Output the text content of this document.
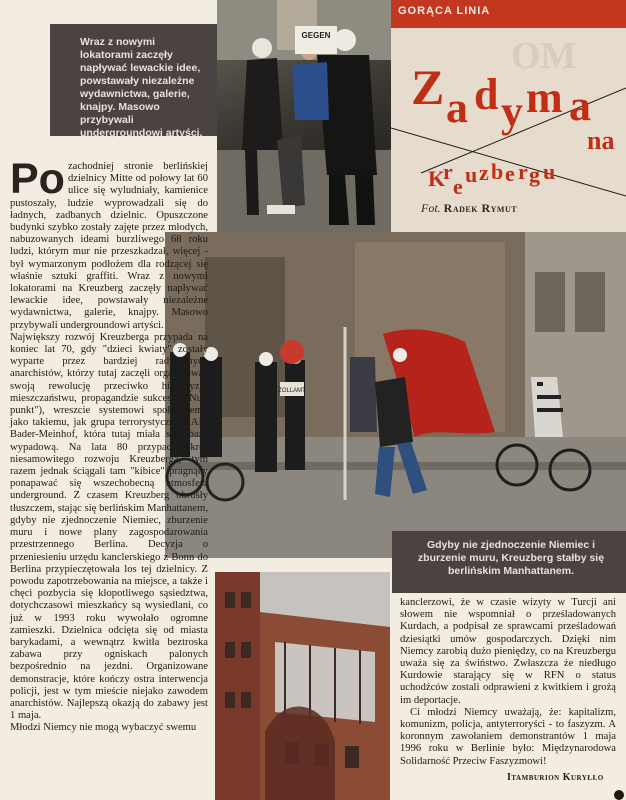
GORĄCA LINIA

Wraz z nowymi lokatorami zaczęły napływać lewackie idee, powstawały niezależne wydawnictwa, galerie, knajpy. Masowo przybywali undergroundowi artyści.

GEGEN	OM
Z a d y m a
na
K
r
e u z b e r g u
Fot. Radek Rymut
ZOLLAMT

Gdyby nie zjednoczenie Niemiec i zburzenie muru, Kreuzberg stałby się berlińskim Manhattanem.

Po zachodniej stronie berlińskiej dzielnicy Mitte od połowy lat 60 ulice się wyludniały, kamienice pustoszały, ludzie wyprowadzali się do ładnych, zadbanych dzielnic. Opuszczone budynki szybko zostały zajęte przez młodych, nabuzowanych ideami burzliwego 68 roku ludzi, którym mur nie przeszkadzał, więcej - był wymarzonym podłożem dla rodzącej się właśnie sztuki graffiti. Wraz z nowymi lokatorami na Kreuzberg zaczęły napływać lewackie idee, powstawały niezależne wydawnictwa, galerie, knajpy. Masowo przybywali undergroundowi artyści.

Największy rozwój Kreuzberga przypada na koniec lat 70, gdy "dzieci kwiaty" zostały wyparte przez bardziej radykalnych anarchistów, którzy tutaj zaczęli organizować swoją rewolucję przeciwko hipokryzji, mieszczaństwu, propagandzie sukcesu ("Null punkt"), wreszcie systemowi społecznemu jako takiemu, jak grupa terrorystyczna RAF-Bader-Meinhof, która tutaj miała swą bazę wypadową. Na lata 80 przypadł okres niesamowitego rozwoju Kreuzberga, tym razem jednak ściągali tam "kibice" pragnący ponapawać się wszechobecną atmosferą underground. Z czasem Kreuzberg obrośły tłuszczem, stając się berlińskim Manhattanem, gdyby nie zjednoczenie Niemiec, zburzenie muru i nowe plany zagospodarowania przestrzennego Berlina. Decyzja o przeniesieniu urzędu kanclerskiego z Bonn do Berlina przypieczętowała los tej dzielnicy. Z powodu zapotrzebowania na miejsce, a także i chęci pozbycia się kłopotliwego sąsiedztwa, dotychczasowi mieszkańcy są wysiedlani, co już w 1993 roku wywołało ogromne zamieszki. Dzielnica odcięta się od miasta barykadami, a wewnątrz kwitła beztroska zabawa przy ogniskach palonych bezpośrednio na jezdni. Organizowane demonstracje, które kończy ostra interwencja policji, jest w tym mieście niejako zawodem anarchistów. Najlepszą okazją do zabawy jest 1 maja.

Młodzi Niemcy nie mogą wybaczyć swemu

kanclerzowi, że w czasie wizyty w Turcji ani słowem nie wspomniał o prześladowanych Kurdach, a podpisał ze sprawcami prześladowań dziesiątki umów gospodarczych. Dzięki nim Niemcy zarobią dużo pieniędzy, co na Kreuzbergu uważa się za świństwo. Zwłaszcza że niedługo Kurdowie starający się w RFN o status uchodźców zostali odprawieni z kwitkiem i grożą im deportacje.

Ci młodzi Niemcy uważają, że: kapitalizm, komunizm, policja, antyterroryści - to faszyzm. A koronnym zawołaniem demonstrantów 1 maja 1996 roku w Berlinie było: Międzynarodowa Solidarność Przeciw Faszyzmowi!

Itamburion Kuryłło
